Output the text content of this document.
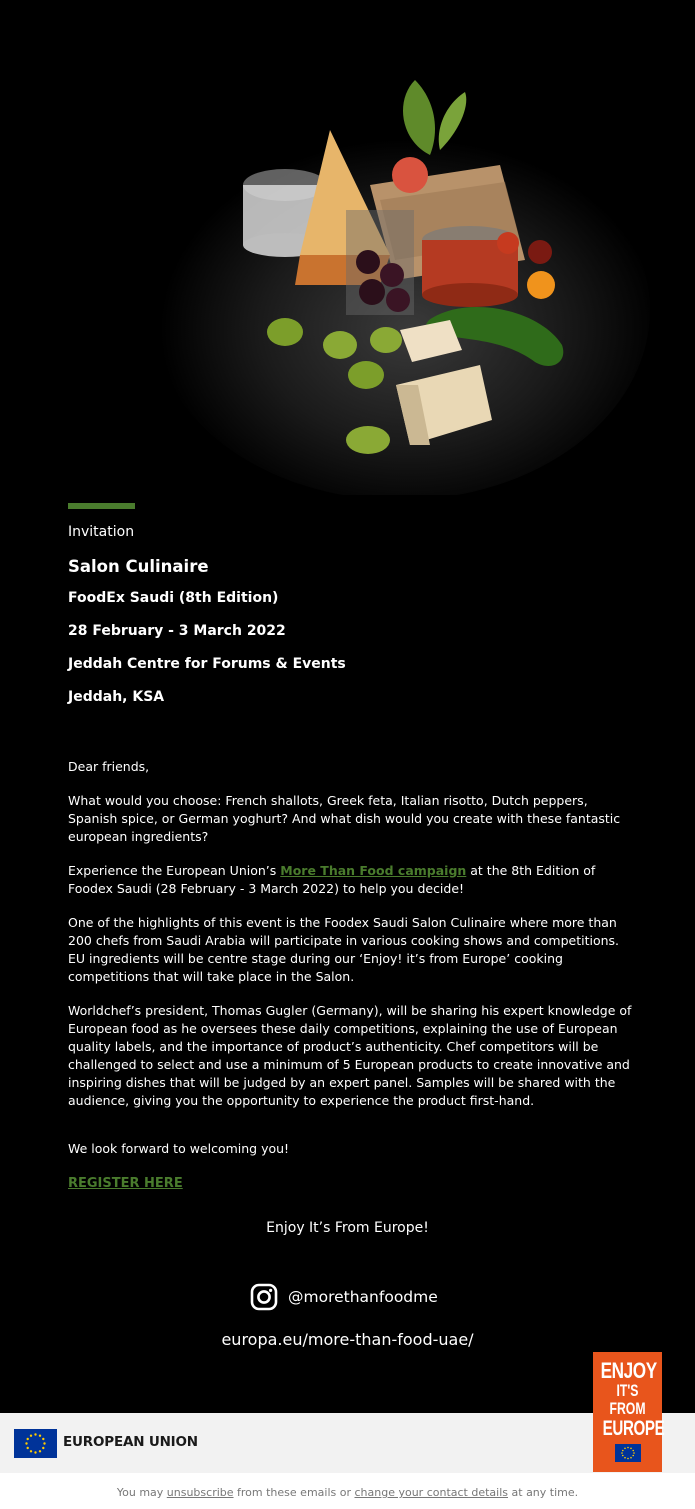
Invitation
Salon Culinaire
FoodEx Saudi (8th Edition)
28 February - 3 March 2022
Jeddah Centre for Forums & Events
Jeddah, KSA

Dear friends,

What would you choose: French shallots, Greek feta, Italian risotto, Dutch peppers, Spanish spice, or German yoghurt? And what dish would you create with these fantastic european ingredients?

Experience the European Union’s More Than Food campaign at the 8th Edition of Foodex Saudi (28 February - 3 March 2022) to help you decide!

One of the highlights of this event is the Foodex Saudi Salon Culinaire where more than 200 chefs from Saudi Arabia will participate in various cooking shows and competitions. EU ingredients will be centre stage during our ‘Enjoy! it’s from Europe’ cooking competitions that will take place in the Salon.

Worldchef’s president, Thomas Gugler (Germany), will be sharing his expert knowledge of European food as he oversees these daily competitions, explaining the use of European quality labels, and the importance of product’s authenticity. Chef competitors will be challenged to select and use a minimum of 5 European products to create innovative and inspiring dishes that will be judged by an expert panel. Samples will be shared with the audience, giving you the opportunity to experience the product first-hand.

We look forward to welcoming you!

REGISTER HERE
Enjoy It’s From Europe!
@morethanfoodme
europa.eu/more-than-food-uae/
EUROPEAN UNION
ENJOY
IT'S FROM
EUROPE
You may unsubscribe from these emails or change your contact details at any time.
